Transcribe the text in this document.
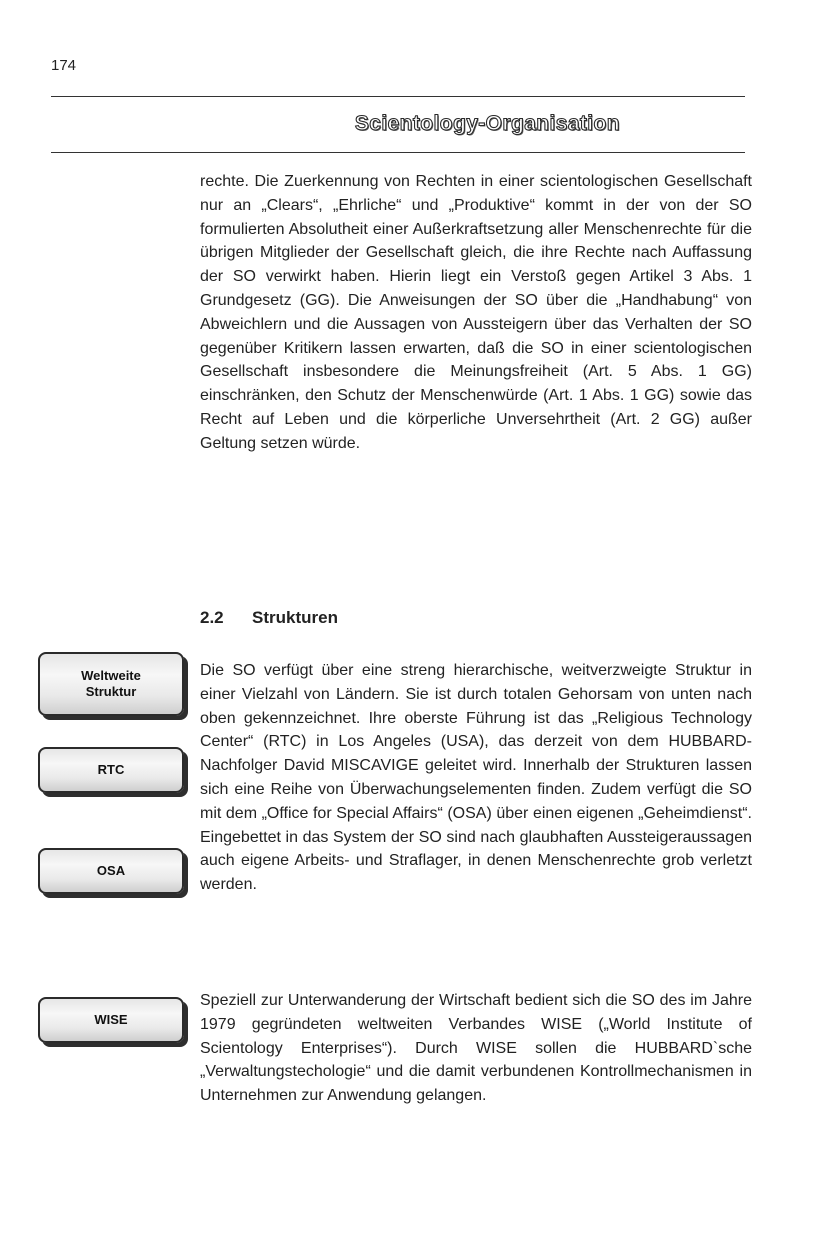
174
Scientology-Organisation

rechte. Die Zuerkennung von Rechten in einer scientologischen Gesellschaft nur an „Clears“, „Ehrliche“ und „Produktive“ kommt in der von der SO formulierten Absolutheit einer Außerkraftsetzung aller Menschenrechte für die übrigen Mitglieder der Gesellschaft gleich, die ihre Rechte nach Auffassung der SO verwirkt haben. Hierin liegt ein Verstoß gegen Artikel 3 Abs. 1 Grundgesetz (GG). Die Anweisungen der SO über die „Handhabung“ von Abweichlern und die Aussagen von Aussteigern über das Verhalten der SO gegenüber Kritikern lassen erwarten, daß die SO in einer scientologischen Gesellschaft insbesondere die Meinungsfreiheit (Art. 5 Abs. 1 GG) einschränken, den Schutz der Menschenwürde (Art. 1 Abs. 1 GG) sowie das Recht auf Leben und die körperliche Unversehrtheit (Art. 2 GG) außer Geltung setzen würde.

2.2 Strukturen
Weltweite
Struktur
RTC
OSA
WISE

Die SO verfügt über eine streng hierarchische, weitverzweigte Struktur in einer Vielzahl von Ländern. Sie ist durch totalen Gehorsam von unten nach oben gekennzeichnet. Ihre oberste Führung ist das „Religious Technology Center“ (RTC) in Los Angeles (USA), das derzeit von dem HUBBARD-Nachfolger David MISCAVIGE geleitet wird. Innerhalb der Strukturen lassen sich eine Reihe von Überwachungselementen finden. Zudem verfügt die SO mit dem „Office for Special Affairs“ (OSA) über einen eigenen „Geheimdienst“. Eingebettet in das System der SO sind nach glaubhaften Aussteigeraussagen auch eigene Arbeits- und Straflager, in denen Menschenrechte grob verletzt werden.

Speziell zur Unterwanderung der Wirtschaft bedient sich die SO des im Jahre 1979 gegründeten weltweiten Verbandes WISE („World Institute of Scientology Enterprises“). Durch WISE sollen die HUBBARD`sche „Verwaltungstechologie“ und die damit verbundenen Kontrollmechanismen in Unternehmen zur Anwendung gelangen.
